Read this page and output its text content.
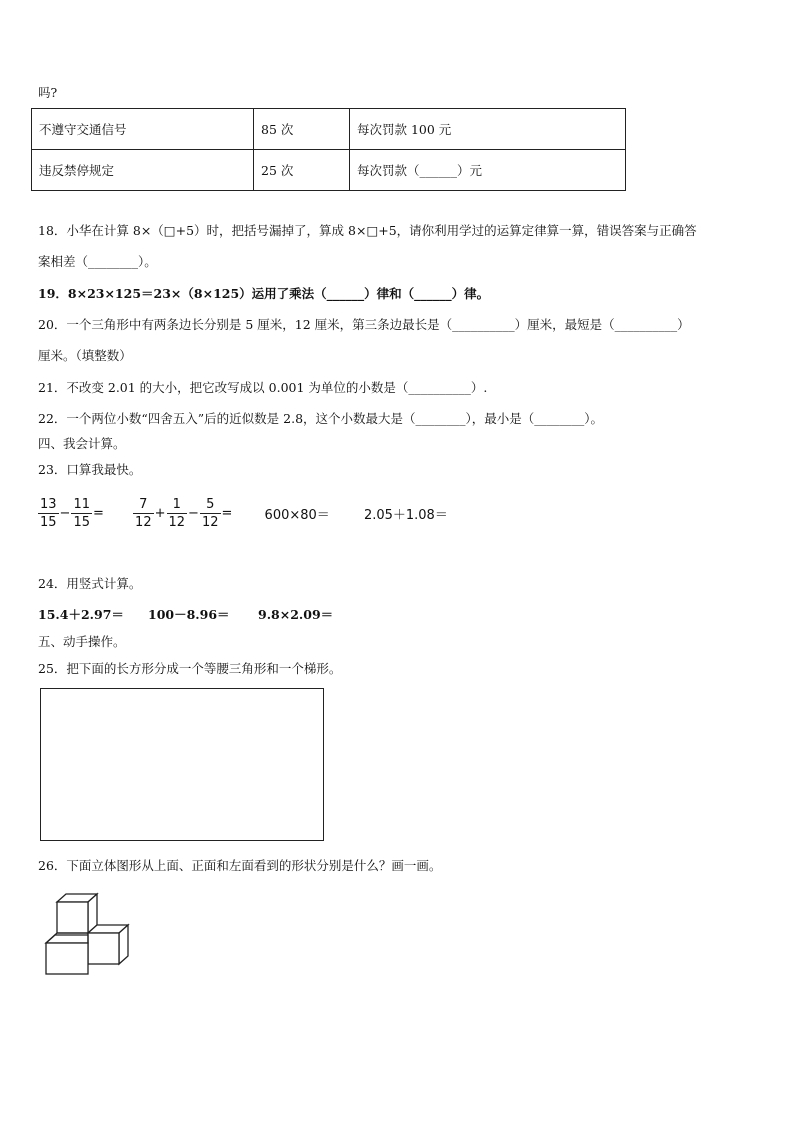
吗?
不遵守交通信号	85 次	每次罚款 100 元
违反禁停规定	25 次	每次罚款（______）元
18．小华在计算 8×（□+5）时，把括号漏掉了，算成 8×□+5，请你利用学过的运算定律算一算，错误答案与正确答
案相差（________）。
19．8×23×125＝23×（8×125）运用了乘法（______）律和（______）律。
20．一个三角形中有两条边长分别是 5 厘米，12 厘米，第三条边最长是（__________）厘米，最短是（__________）
厘米。（填整数）
21．不改变 2.01 的大小，把它改写成以 0.001 为单位的小数是（__________）.
22．一个两位小数“四舍五入”后的近似数是 2.8，这个小数最大是（________），最小是（________）。
四、我会计算。
23．口算我最快。
$\frac{13}{15} - \frac{11}{15} = \frac{7}{12} + \frac{1}{12} - \frac{5}{12} = 600\times 80=$	2.05＋1.08＝
24．用竖式计算。
15.4＋2.97＝ 100－8.96＝ 9.8×2.09＝
五、动手操作。
25．把下面的长方形分成一个等腰三角形和一个梯形。
26．下面立体图形从上面、正面和左面看到的形状分别是什么？画一画。
